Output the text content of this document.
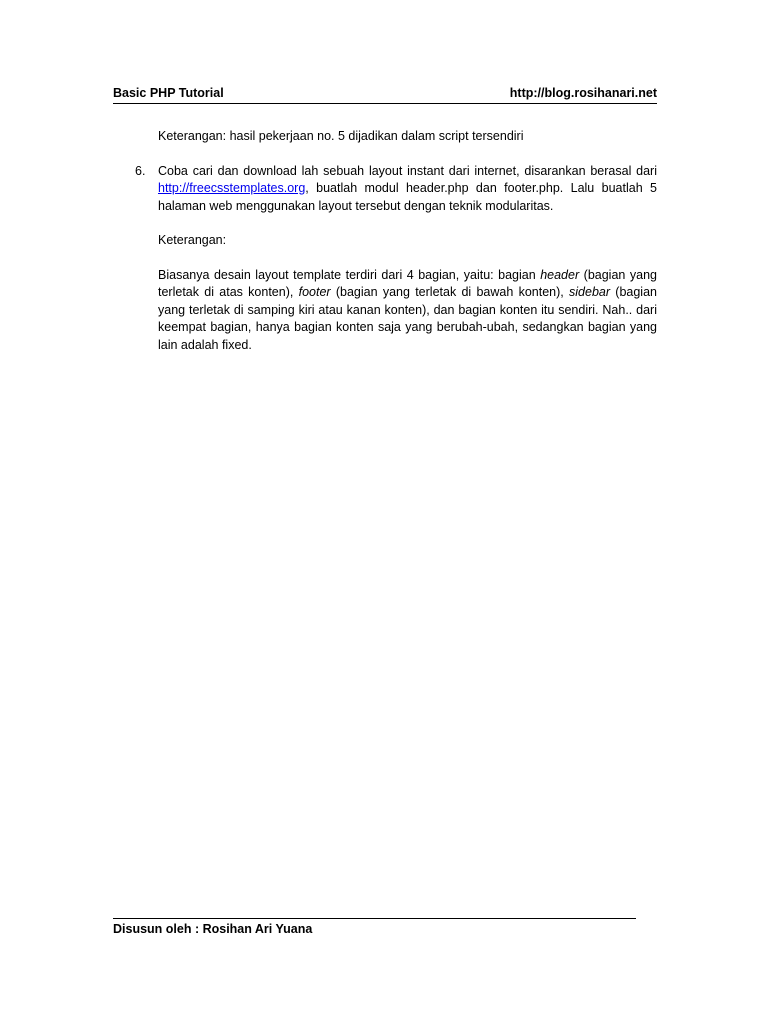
Basic PHP Tutorial	http://blog.rosihanari.net
Keterangan: hasil pekerjaan no. 5 dijadikan dalam script tersendiri
6.	Coba cari dan download lah sebuah layout instant dari internet, disarankan berasal dari http://freecsstemplates.org, buatlah modul header.php dan footer.php. Lalu buatlah 5 halaman web menggunakan layout tersebut dengan teknik modularitas.
Keterangan:
Biasanya desain layout template terdiri dari 4 bagian, yaitu: bagian header (bagian yang terletak di atas konten), footer (bagian yang terletak di bawah konten), sidebar (bagian yang terletak di samping kiri atau kanan konten), dan bagian konten itu sendiri. Nah.. dari keempat bagian, hanya bagian konten saja yang berubah-ubah, sedangkan bagian yang lain adalah fixed.
Disusun oleh : Rosihan Ari Yuana
